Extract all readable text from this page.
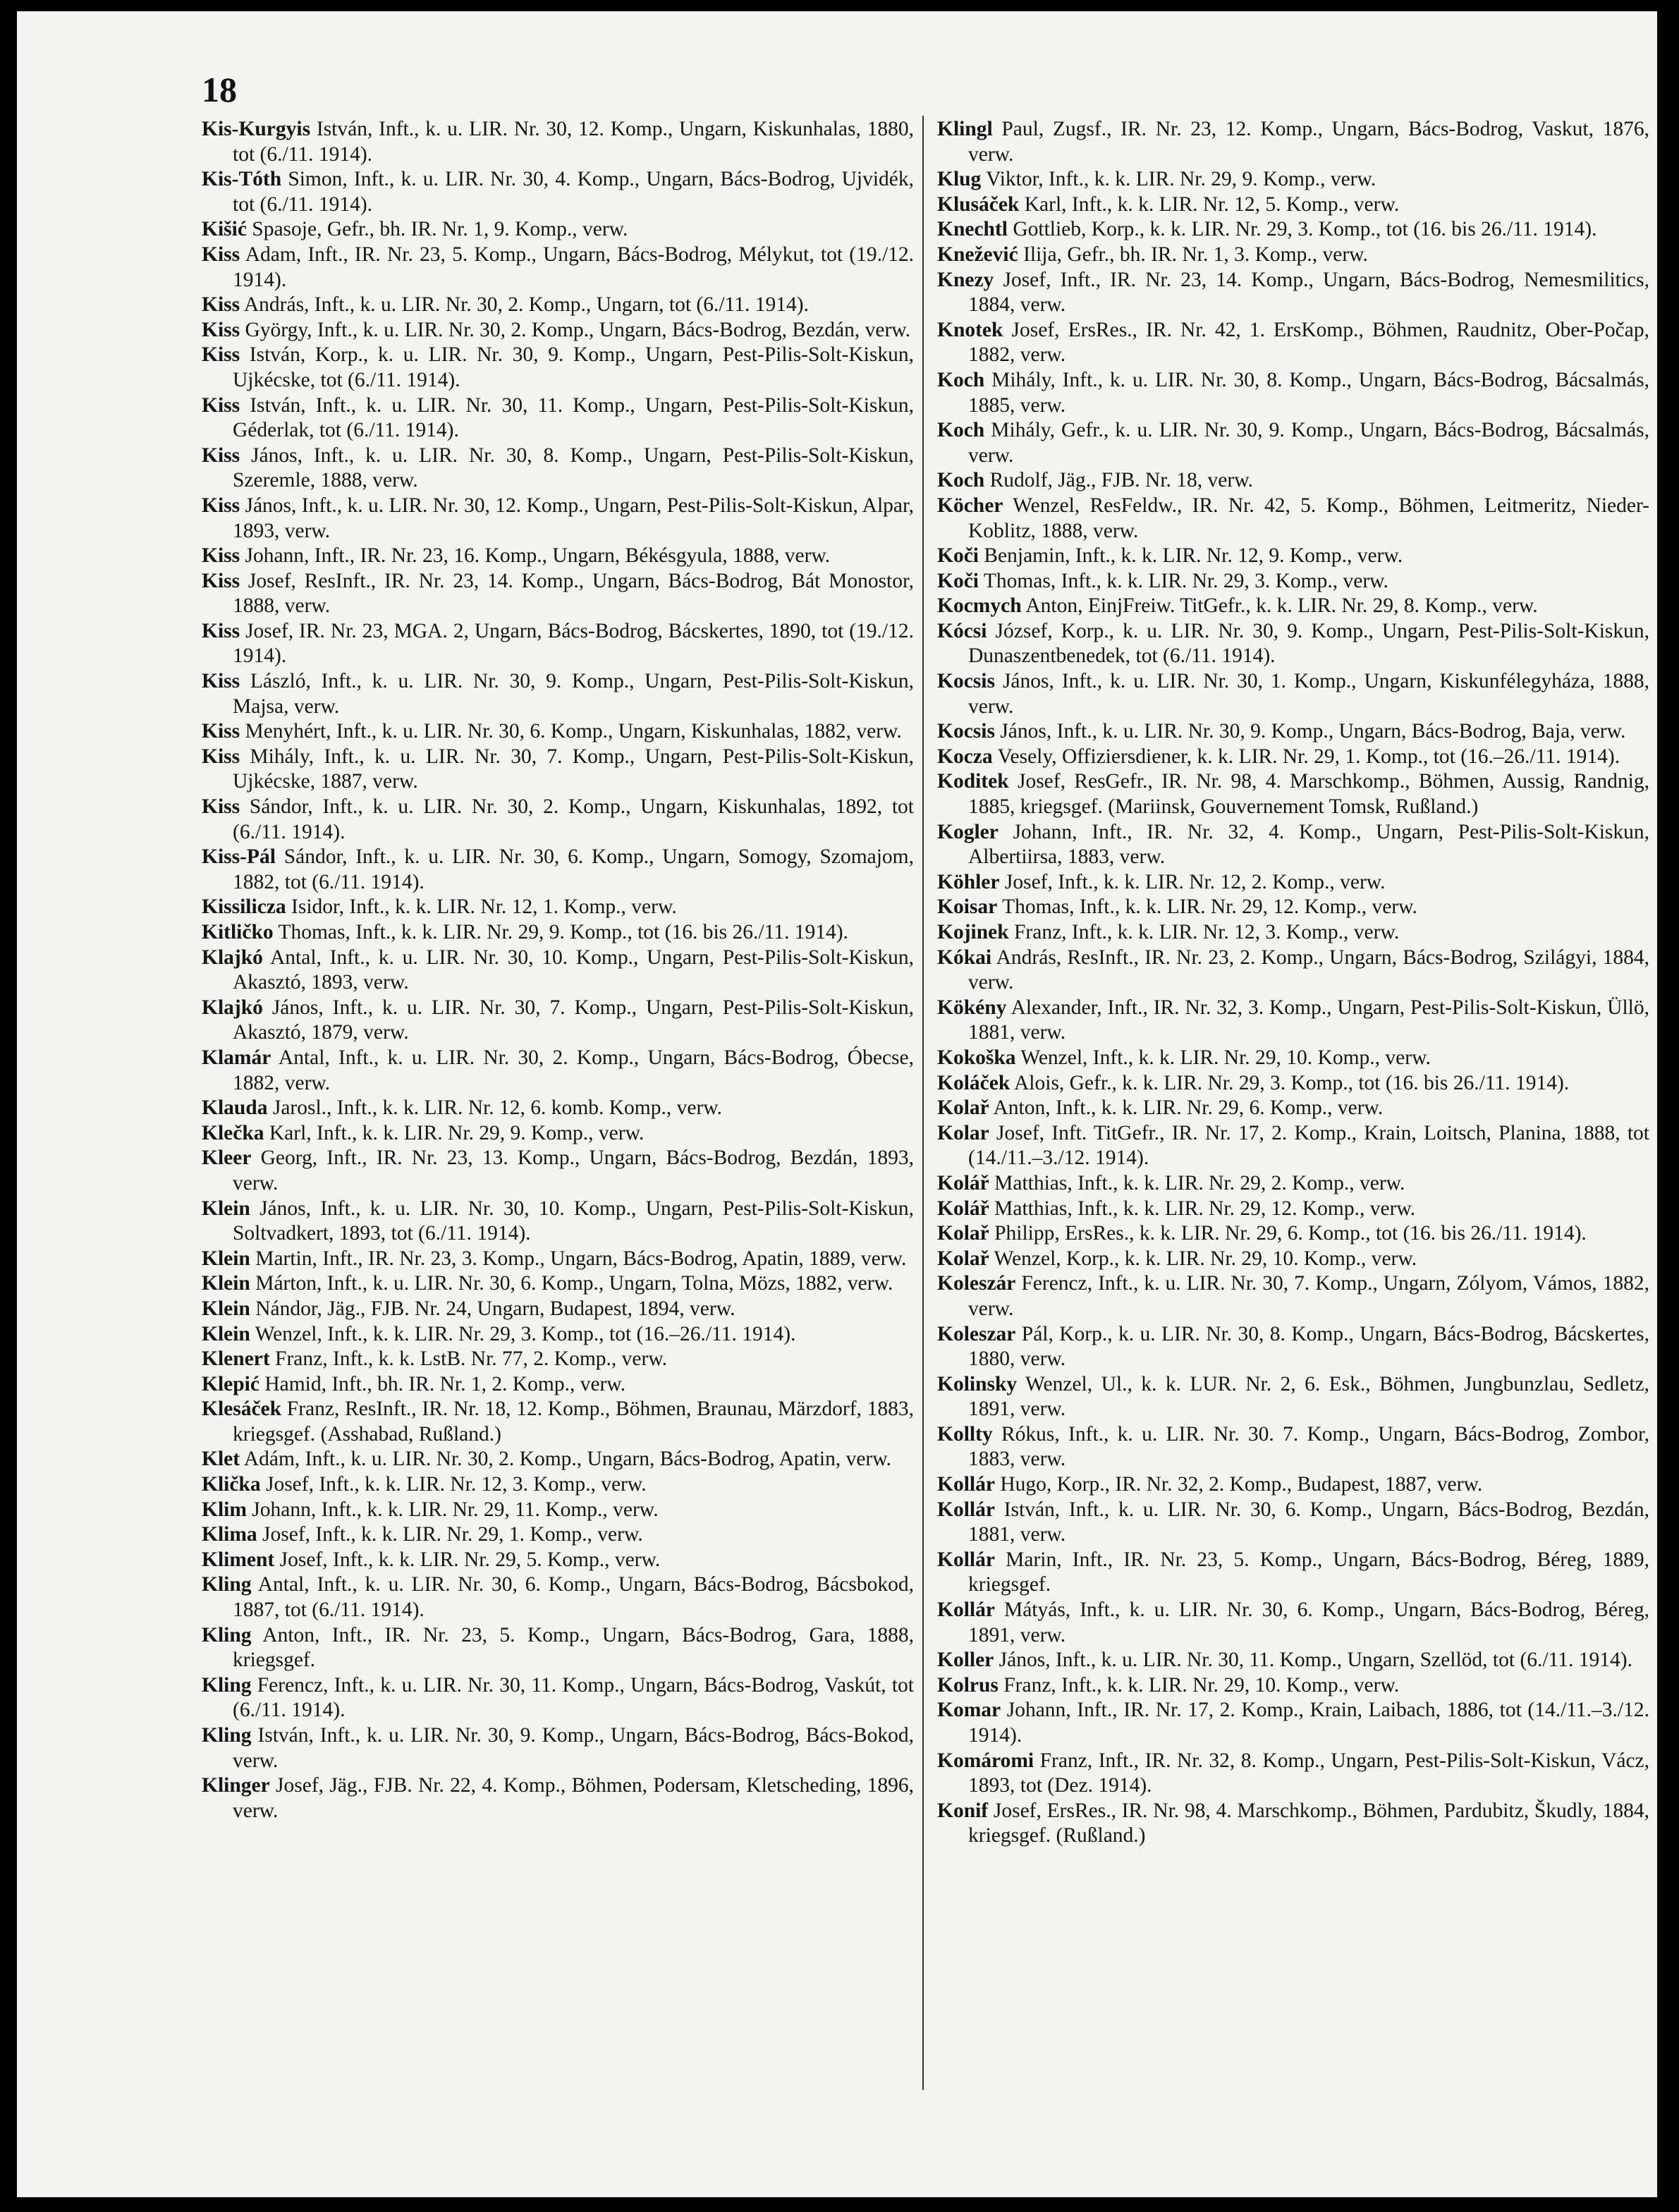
18

Kis-Kurgyis István, Inft., k. u. LIR. Nr. 30, 12. Komp., Ungarn, Kiskunhalas, 1880, tot (6./11. 1914).

Kis-Tóth Simon, Inft., k. u. LIR. Nr. 30, 4. Komp., Ungarn, Bács-Bodrog, Ujvidék, tot (6./11. 1914).

Kišić Spasoje, Gefr., bh. IR. Nr. 1, 9. Komp., verw.

Kiss Adam, Inft., IR. Nr. 23, 5. Komp., Ungarn, Bács-Bodrog, Mélykut, tot (19./12. 1914).

Kiss András, Inft., k. u. LIR. Nr. 30, 2. Komp., Ungarn, tot (6./11. 1914).

Kiss György, Inft., k. u. LIR. Nr. 30, 2. Komp., Ungarn, Bács-Bodrog, Bezdán, verw.

Kiss István, Korp., k. u. LIR. Nr. 30, 9. Komp., Ungarn, Pest-Pilis-Solt-Kiskun, Ujkécske, tot (6./11. 1914).

Kiss István, Inft., k. u. LIR. Nr. 30, 11. Komp., Ungarn, Pest-Pilis-Solt-Kiskun, Géderlak, tot (6./11. 1914).

Kiss János, Inft., k. u. LIR. Nr. 30, 8. Komp., Ungarn, Pest-Pilis-Solt-Kiskun, Szeremle, 1888, verw.

Kiss János, Inft., k. u. LIR. Nr. 30, 12. Komp., Ungarn, Pest-Pilis-Solt-Kiskun, Alpar, 1893, verw.

Kiss Johann, Inft., IR. Nr. 23, 16. Komp., Ungarn, Békésgyula, 1888, verw.

Kiss Josef, ResInft., IR. Nr. 23, 14. Komp., Ungarn, Bács-Bodrog, Bát Monostor, 1888, verw.

Kiss Josef, IR. Nr. 23, MGA. 2, Ungarn, Bács-Bodrog, Bácskertes, 1890, tot (19./12. 1914).

Kiss László, Inft., k. u. LIR. Nr. 30, 9. Komp., Ungarn, Pest-Pilis-Solt-Kiskun, Majsa, verw.

Kiss Menyhért, Inft., k. u. LIR. Nr. 30, 6. Komp., Ungarn, Kiskunhalas, 1882, verw.

Kiss Mihály, Inft., k. u. LIR. Nr. 30, 7. Komp., Ungarn, Pest-Pilis-Solt-Kiskun, Ujkécske, 1887, verw.

Kiss Sándor, Inft., k. u. LIR. Nr. 30, 2. Komp., Ungarn, Kiskunhalas, 1892, tot (6./11. 1914).

Kiss-Pál Sándor, Inft., k. u. LIR. Nr. 30, 6. Komp., Ungarn, Somogy, Szomajom, 1882, tot (6./11. 1914).

Kissilicza Isidor, Inft., k. k. LIR. Nr. 12, 1. Komp., verw.

Kitličko Thomas, Inft., k. k. LIR. Nr. 29, 9. Komp., tot (16. bis 26./11. 1914).

Klajkó Antal, Inft., k. u. LIR. Nr. 30, 10. Komp., Ungarn, Pest-Pilis-Solt-Kiskun, Akasztó, 1893, verw.

Klajkó János, Inft., k. u. LIR. Nr. 30, 7. Komp., Ungarn, Pest-Pilis-Solt-Kiskun, Akasztó, 1879, verw.

Klamár Antal, Inft., k. u. LIR. Nr. 30, 2. Komp., Ungarn, Bács-Bodrog, Óbecse, 1882, verw.

Klauda Jarosl., Inft., k. k. LIR. Nr. 12, 6. komb. Komp., verw.

Klečka Karl, Inft., k. k. LIR. Nr. 29, 9. Komp., verw.

Kleer Georg, Inft., IR. Nr. 23, 13. Komp., Ungarn, Bács-Bodrog, Bezdán, 1893, verw.

Klein János, Inft., k. u. LIR. Nr. 30, 10. Komp., Ungarn, Pest-Pilis-Solt-Kiskun, Soltvadkert, 1893, tot (6./11. 1914).

Klein Martin, Inft., IR. Nr. 23, 3. Komp., Ungarn, Bács-Bodrog, Apatin, 1889, verw.

Klein Márton, Inft., k. u. LIR. Nr. 30, 6. Komp., Ungarn, Tolna, Mözs, 1882, verw.

Klein Nándor, Jäg., FJB. Nr. 24, Ungarn, Budapest, 1894, verw.

Klein Wenzel, Inft., k. k. LIR. Nr. 29, 3. Komp., tot (16.–26./11. 1914).

Klenert Franz, Inft., k. k. LstB. Nr. 77, 2. Komp., verw.

Klepić Hamid, Inft., bh. IR. Nr. 1, 2. Komp., verw.

Klesáček Franz, ResInft., IR. Nr. 18, 12. Komp., Böhmen, Braunau, Märzdorf, 1883, kriegsgef. (Asshabad, Rußland.)

Klet Adám, Inft., k. u. LIR. Nr. 30, 2. Komp., Ungarn, Bács-Bodrog, Apatin, verw.

Klička Josef, Inft., k. k. LIR. Nr. 12, 3. Komp., verw.

Klim Johann, Inft., k. k. LIR. Nr. 29, 11. Komp., verw.

Klima Josef, Inft., k. k. LIR. Nr. 29, 1. Komp., verw.

Kliment Josef, Inft., k. k. LIR. Nr. 29, 5. Komp., verw.

Kling Antal, Inft., k. u. LIR. Nr. 30, 6. Komp., Ungarn, Bács-Bodrog, Bácsbokod, 1887, tot (6./11. 1914).

Kling Anton, Inft., IR. Nr. 23, 5. Komp., Ungarn, Bács-Bodrog, Gara, 1888, kriegsgef.

Kling Ferencz, Inft., k. u. LIR. Nr. 30, 11. Komp., Ungarn, Bács-Bodrog, Vaskút, tot (6./11. 1914).

Kling István, Inft., k. u. LIR. Nr. 30, 9. Komp., Ungarn, Bács-Bodrog, Bács-Bokod, verw.

Klinger Josef, Jäg., FJB. Nr. 22, 4. Komp., Böhmen, Podersam, Kletscheding, 1896, verw.

Klingl Paul, Zugsf., IR. Nr. 23, 12. Komp., Ungarn, Bács-Bodrog, Vaskut, 1876, verw.

Klug Viktor, Inft., k. k. LIR. Nr. 29, 9. Komp., verw.

Klusáček Karl, Inft., k. k. LIR. Nr. 12, 5. Komp., verw.

Knechtl Gottlieb, Korp., k. k. LIR. Nr. 29, 3. Komp., tot (16. bis 26./11. 1914).

Knežević Ilija, Gefr., bh. IR. Nr. 1, 3. Komp., verw.

Knezy Josef, Inft., IR. Nr. 23, 14. Komp., Ungarn, Bács-Bodrog, Nemesmilitics, 1884, verw.

Knotek Josef, ErsRes., IR. Nr. 42, 1. ErsKomp., Böhmen, Raudnitz, Ober-Počap, 1882, verw.

Koch Mihály, Inft., k. u. LIR. Nr. 30, 8. Komp., Ungarn, Bács-Bodrog, Bácsalmás, 1885, verw.

Koch Mihály, Gefr., k. u. LIR. Nr. 30, 9. Komp., Ungarn, Bács-Bodrog, Bácsalmás, verw.

Koch Rudolf, Jäg., FJB. Nr. 18, verw.

Köcher Wenzel, ResFeldw., IR. Nr. 42, 5. Komp., Böhmen, Leitmeritz, Nieder-Koblitz, 1888, verw.

Koči Benjamin, Inft., k. k. LIR. Nr. 12, 9. Komp., verw.

Koči Thomas, Inft., k. k. LIR. Nr. 29, 3. Komp., verw.

Kocmych Anton, EinjFreiw. TitGefr., k. k. LIR. Nr. 29, 8. Komp., verw.

Kócsi József, Korp., k. u. LIR. Nr. 30, 9. Komp., Ungarn, Pest-Pilis-Solt-Kiskun, Dunaszentbenedek, tot (6./11. 1914).

Kocsis János, Inft., k. u. LIR. Nr. 30, 1. Komp., Ungarn, Kiskunfélegyháza, 1888, verw.

Kocsis János, Inft., k. u. LIR. Nr. 30, 9. Komp., Ungarn, Bács-Bodrog, Baja, verw.

Kocza Vesely, Offiziersdiener, k. k. LIR. Nr. 29, 1. Komp., tot (16.–26./11. 1914).

Koditek Josef, ResGefr., IR. Nr. 98, 4. Marschkomp., Böhmen, Aussig, Randnig, 1885, kriegsgef. (Mariinsk, Gouvernement Tomsk, Rußland.)

Kogler Johann, Inft., IR. Nr. 32, 4. Komp., Ungarn, Pest-Pilis-Solt-Kiskun, Albertiirsa, 1883, verw.

Köhler Josef, Inft., k. k. LIR. Nr. 12, 2. Komp., verw.

Koisar Thomas, Inft., k. k. LIR. Nr. 29, 12. Komp., verw.

Kojinek Franz, Inft., k. k. LIR. Nr. 12, 3. Komp., verw.

Kókai András, ResInft., IR. Nr. 23, 2. Komp., Ungarn, Bács-Bodrog, Szilágyi, 1884, verw.

Kökény Alexander, Inft., IR. Nr. 32, 3. Komp., Ungarn, Pest-Pilis-Solt-Kiskun, Üllö, 1881, verw.

Kokoška Wenzel, Inft., k. k. LIR. Nr. 29, 10. Komp., verw.

Koláček Alois, Gefr., k. k. LIR. Nr. 29, 3. Komp., tot (16. bis 26./11. 1914).

Kolař Anton, Inft., k. k. LIR. Nr. 29, 6. Komp., verw.

Kolar Josef, Inft. TitGefr., IR. Nr. 17, 2. Komp., Krain, Loitsch, Planina, 1888, tot (14./11.–3./12. 1914).

Kolář Matthias, Inft., k. k. LIR. Nr. 29, 2. Komp., verw.

Kolář Matthias, Inft., k. k. LIR. Nr. 29, 12. Komp., verw.

Kolař Philipp, ErsRes., k. k. LIR. Nr. 29, 6. Komp., tot (16. bis 26./11. 1914).

Kolař Wenzel, Korp., k. k. LIR. Nr. 29, 10. Komp., verw.

Koleszár Ferencz, Inft., k. u. LIR. Nr. 30, 7. Komp., Ungarn, Zólyom, Vámos, 1882, verw.

Koleszar Pál, Korp., k. u. LIR. Nr. 30, 8. Komp., Ungarn, Bács-Bodrog, Bácskertes, 1880, verw.

Kolinsky Wenzel, Ul., k. k. LUR. Nr. 2, 6. Esk., Böhmen, Jungbunzlau, Sedletz, 1891, verw.

Kollty Rókus, Inft., k. u. LIR. Nr. 30. 7. Komp., Ungarn, Bács-Bodrog, Zombor, 1883, verw.

Kollár Hugo, Korp., IR. Nr. 32, 2. Komp., Budapest, 1887, verw.

Kollár István, Inft., k. u. LIR. Nr. 30, 6. Komp., Ungarn, Bács-Bodrog, Bezdán, 1881, verw.

Kollár Marin, Inft., IR. Nr. 23, 5. Komp., Ungarn, Bács-Bodrog, Béreg, 1889, kriegsgef.

Kollár Mátyás, Inft., k. u. LIR. Nr. 30, 6. Komp., Ungarn, Bács-Bodrog, Béreg, 1891, verw.

Koller János, Inft., k. u. LIR. Nr. 30, 11. Komp., Ungarn, Szellöd, tot (6./11. 1914).

Kolrus Franz, Inft., k. k. LIR. Nr. 29, 10. Komp., verw.

Komar Johann, Inft., IR. Nr. 17, 2. Komp., Krain, Laibach, 1886, tot (14./11.–3./12. 1914).

Komáromi Franz, Inft., IR. Nr. 32, 8. Komp., Ungarn, Pest-Pilis-Solt-Kiskun, Vácz, 1893, tot (Dez. 1914).

Konif Josef, ErsRes., IR. Nr. 98, 4. Marschkomp., Böhmen, Pardubitz, Škudly, 1884, kriegsgef. (Rußland.)
